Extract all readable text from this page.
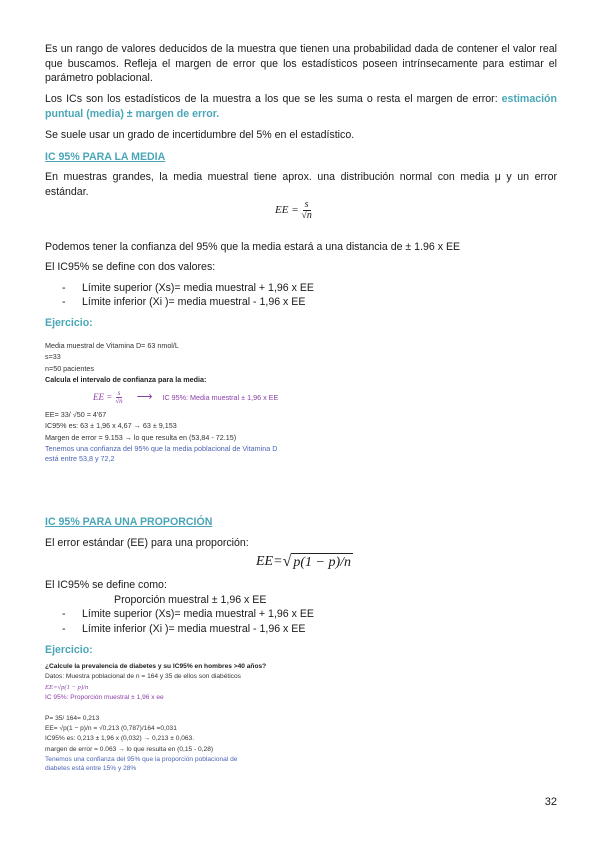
Es un rango de valores deducidos de la muestra que tienen una probabilidad dada de contener el valor real que buscamos. Refleja el margen de error que los estadísticos poseen intrínsecamente para estimar el parámetro poblacional.

Los ICs son los estadísticos de la muestra a los que se les suma o resta el margen de error: estimación puntual (media) ± margen de error.

Se suele usar un grado de incertidumbre del 5% en el estadístico.

IC 95% PARA LA MEDIA

En muestras grandes, la media muestral tiene aprox. una distribución normal con media μ y un error estándar.

EE = $\frac{s}{√n}$

Podemos tener la confianza del 95% que la media estará a una distancia de ± 1.96 x EE

El IC95% se define con dos valores:

- Límite superior (Xs)= media muestral + 1,96 x EE
- Límite inferior (Xi )= media muestral - 1,96 x EE

Ejercicio:

Media muestral de Vitamina D= 63 nmol/L
s=33
n=50 pacientes
Calcula el intervalo de confianza para la media:
EE = $\frac{s}{√n}$ ⟶ IC 95%: Media muestral ± 1,96 x EE
EE= 33/ √50 = 4'67
IC95% es: 63 ± 1,96 x 4,67 → 63 ± 9,153
Margen de error = 9.153 → lo que resulta en (53,84 - 72.15)
Tenemos una confianza del 95% que la media poblacional de Vitamina D
está entre 53,8 y 72,2

IC 95% PARA UNA PROPORCIÓN

El error estándar (EE) para una proporción:

EE= √ p(1 − p)/n

El IC95% se define como:

Proporción muestral ± 1,96 x EE

- Límite superior (Xs)= media muestral + 1,96 x EE
- Límite inferior (Xi )= media muestral - 1,96 x EE

Ejercicio:

¿Calcule la prevalencia de diabetes y su IC95% en hombres >40 años?
Datos: Muestra poblacional de n = 164 y 35 de ellos son diabéticos
EE=√p(1 − p)/n
IC 95%: Proporción muestral ± 1,96 x ee
P= 35/ 164= 0,213
EE= √p(1 − p)/n = √0,213 (0,787)/164 =0,031
IC95% es: 0,213 ± 1,96 x (0,032) → 0,213 ± 0,063.
margen de error = 0.063 → lo que resulta en (0,15 - 0,28)
Tenemos una confianza del 95% que la proporción poblacional de
diabetes está entre 15% y 28%
32
